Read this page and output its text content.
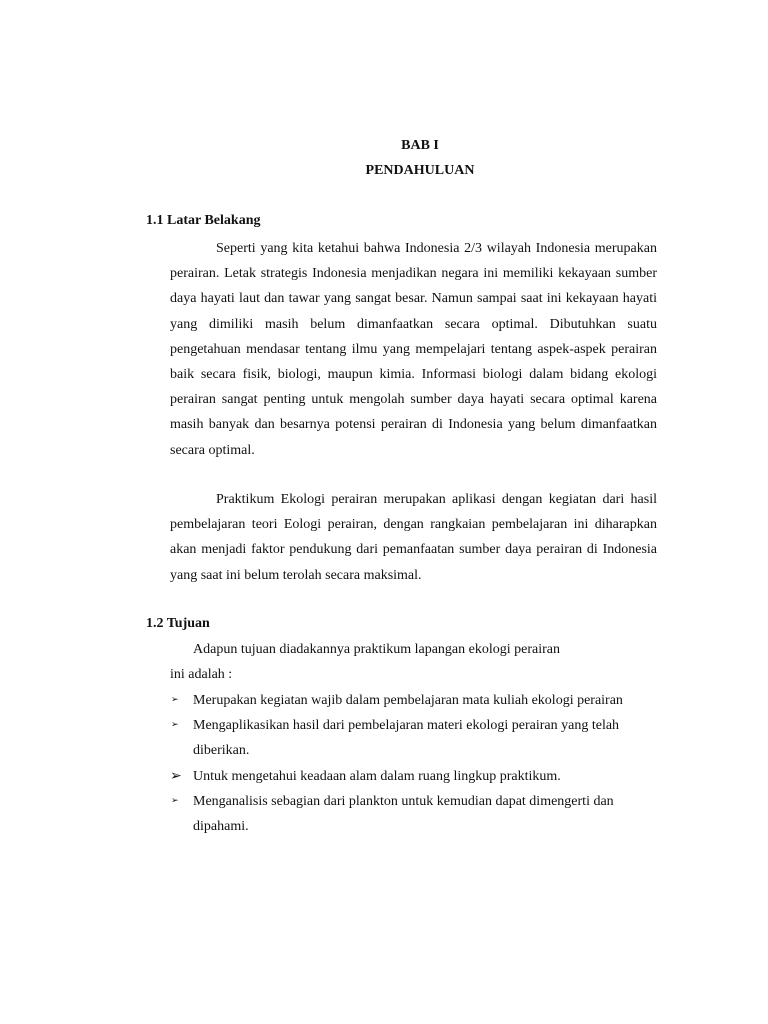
BAB I

PENDAHULUAN

1.1 Latar Belakang

Seperti yang kita ketahui bahwa Indonesia 2/3 wilayah Indonesia merupakan perairan. Letak strategis Indonesia menjadikan negara ini memiliki kekayaan sumber daya hayati laut dan tawar yang sangat besar. Namun sampai saat ini kekayaan hayati yang dimiliki masih belum dimanfaatkan secara optimal. Dibutuhkan suatu pengetahuan mendasar tentang ilmu yang mempelajari tentang aspek-aspek perairan baik secara fisik, biologi, maupun kimia. Informasi biologi dalam bidang ekologi perairan sangat penting untuk mengolah sumber daya hayati secara optimal karena masih banyak dan besarnya potensi perairan di Indonesia yang belum dimanfaatkan secara optimal.

Praktikum Ekologi perairan merupakan aplikasi dengan kegiatan dari hasil pembelajaran teori Eologi perairan, dengan rangkaian pembelajaran ini diharapkan akan menjadi faktor pendukung dari pemanfaatan sumber daya perairan di Indonesia yang saat ini belum terolah secara maksimal.

1.2 Tujuan

Adapun tujuan diadakannya praktikum lapangan ekologi perairan

ini adalah :

➢ Merupakan kegiatan wajib dalam pembelajaran mata kuliah ekologi perairan
➢ Mengaplikasikan hasil dari pembelajaran materi ekologi perairan yang telah diberikan.
➢ Untuk mengetahui keadaan alam dalam ruang lingkup praktikum.
➢ Menganalisis sebagian dari plankton untuk kemudian dapat dimengerti dan dipahami.
